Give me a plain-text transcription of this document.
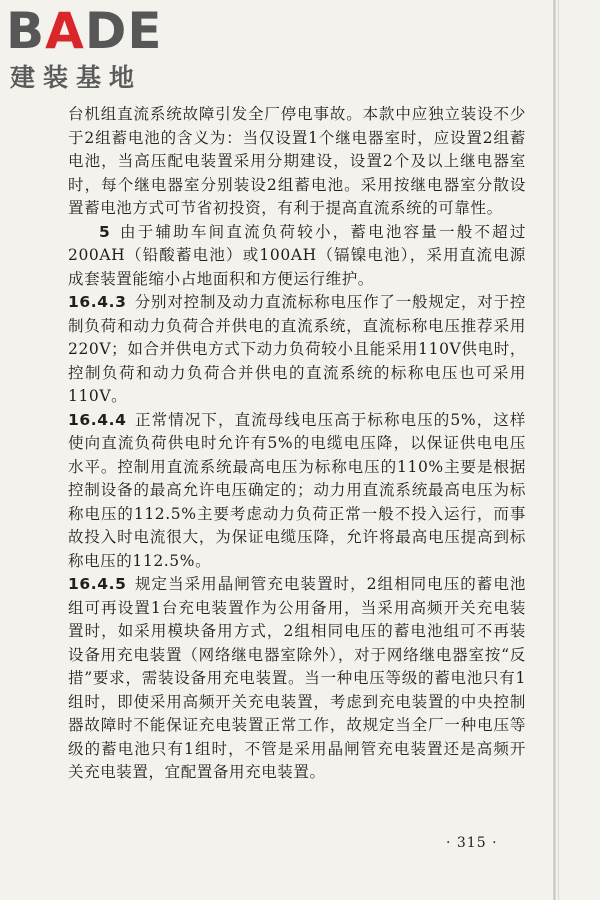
BADE
建装基地

台机组直流系统故障引发全厂停电事故。本款中应独立装设不少于2组蓄电池的含义为：当仅设置1个继电器室时，应设置2组蓄电池，当高压配电装置采用分期建设，设置2个及以上继电器室时，每个继电器室分别装设2组蓄电池。采用按继电器室分散设置蓄电池方式可节省初投资，有利于提高直流系统的可靠性。

5 由于辅助车间直流负荷较小，蓄电池容量一般不超过200AH（铅酸蓄电池）或100AH（镉镍电池），采用直流电源成套装置能缩小占地面积和方便运行维护。

16.4.3 分别对控制及动力直流标称电压作了一般规定，对于控制负荷和动力负荷合并供电的直流系统，直流标称电压推荐采用220V；如合并供电方式下动力负荷较小且能采用110V供电时，控制负荷和动力负荷合并供电的直流系统的标称电压也可采用110V。

16.4.4 正常情况下，直流母线电压高于标称电压的5%，这样使向直流负荷供电时允许有5%的电缆电压降，以保证供电电压水平。控制用直流系统最高电压为标称电压的110%主要是根据控制设备的最高允许电压确定的；动力用直流系统最高电压为标称电压的112.5%主要考虑动力负荷正常一般不投入运行，而事故投入时电流很大，为保证电缆压降，允许将最高电压提高到标称电压的112.5%。

16.4.5 规定当采用晶闸管充电装置时，2组相同电压的蓄电池组可再设置1台充电装置作为公用备用，当采用高频开关充电装置时，如采用模块备用方式，2组相同电压的蓄电池组可不再装设备用充电装置（网络继电器室除外），对于网络继电器室按“反措”要求，需装设备用充电装置。当一种电压等级的蓄电池只有1组时，即使采用高频开关充电装置，考虑到充电装置的中央控制器故障时不能保证充电装置正常工作，故规定当全厂一种电压等级的蓄电池只有1组时，不管是采用晶闸管充电装置还是高频开关充电装置，宜配置备用充电装置。

· 315 ·
